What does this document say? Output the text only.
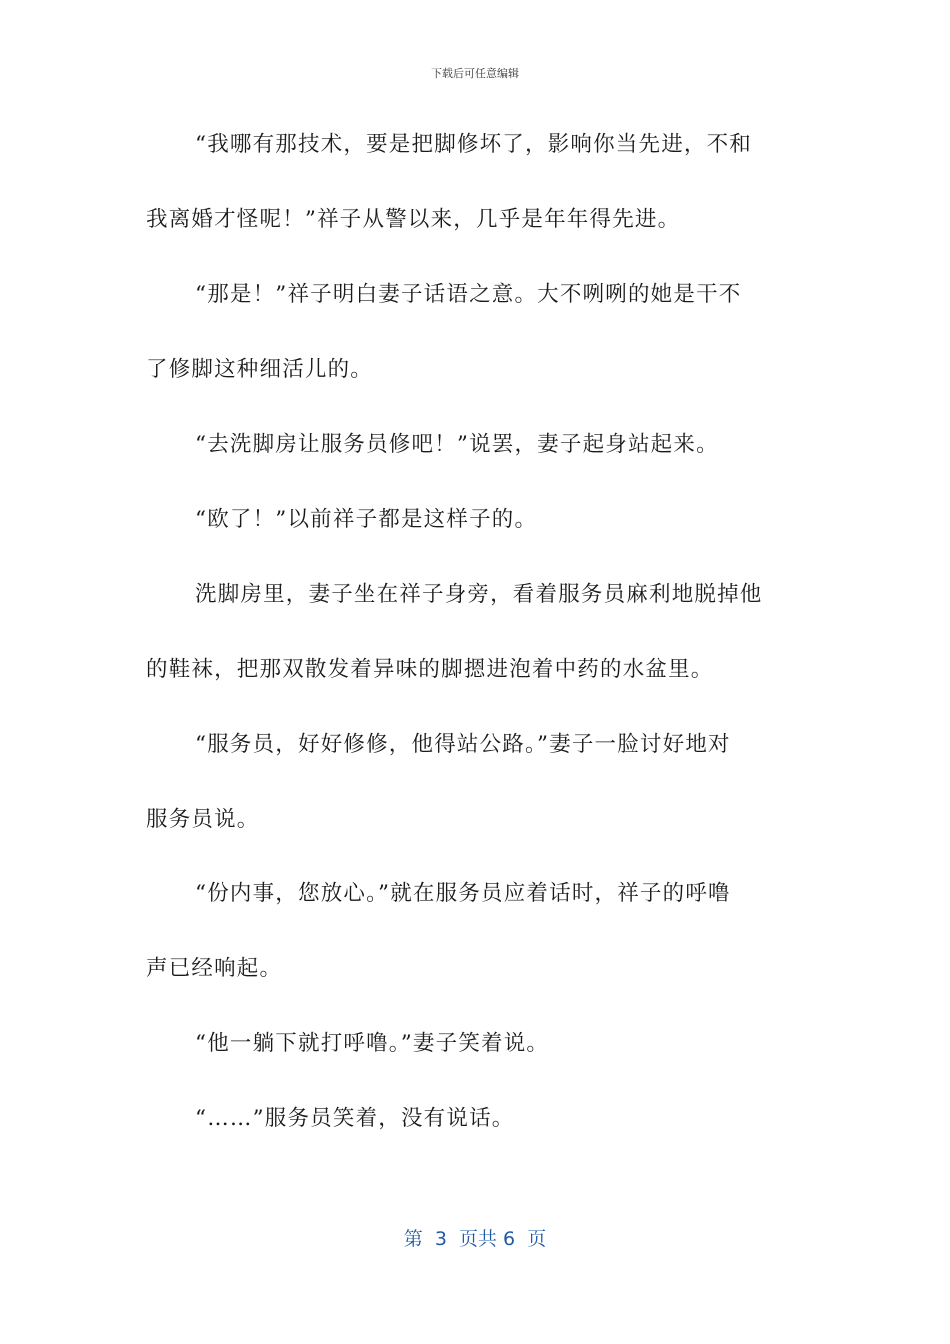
下载后可任意编辑
“我哪有那技术，要是把脚修坏了，影响你当先进，不和
我离婚才怪呢！”祥子从警以来，几乎是年年得先进。
“那是！”祥子明白妻子话语之意。大不咧咧的她是干不
了修脚这种细活儿的。
“去洗脚房让服务员修吧！”说罢，妻子起身站起来。
“欧了！”以前祥子都是这样子的。
洗脚房里，妻子坐在祥子身旁，看着服务员麻利地脱掉他
的鞋袜，把那双散发着异味的脚摁进泡着中药的水盆里。
“服务员，好好修修，他得站公路。”妻子一脸讨好地对
服务员说。
“份内事，您放心。”就在服务员应着话时，祥子的呼噜
声已经响起。
“他一躺下就打呼噜。”妻子笑着说。
“……”服务员笑着，没有说话。
第  3  页共 6  页
